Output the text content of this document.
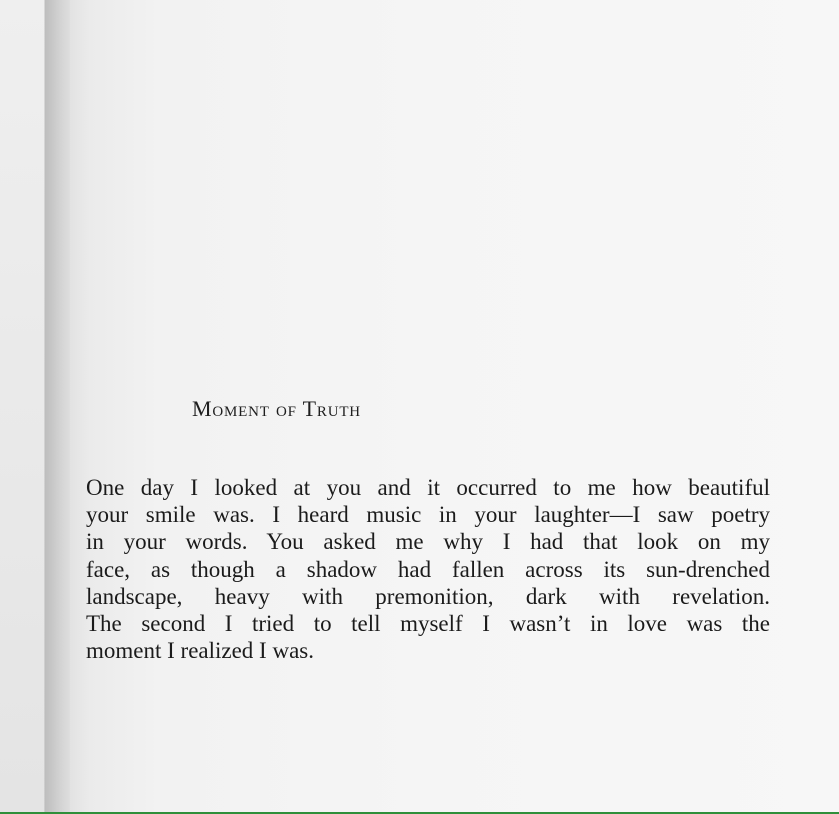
Moment of Truth
One day I looked at you and it occurred to me how beautiful
your smile was. I heard music in your laughter—I saw poetry
in your words. You asked me why I had that look on my
face, as though a shadow had fallen across its sun-drenched
landscape, heavy with premonition, dark with revelation.
The second I tried to tell myself I wasn’t in love was the
moment I realized I was.
